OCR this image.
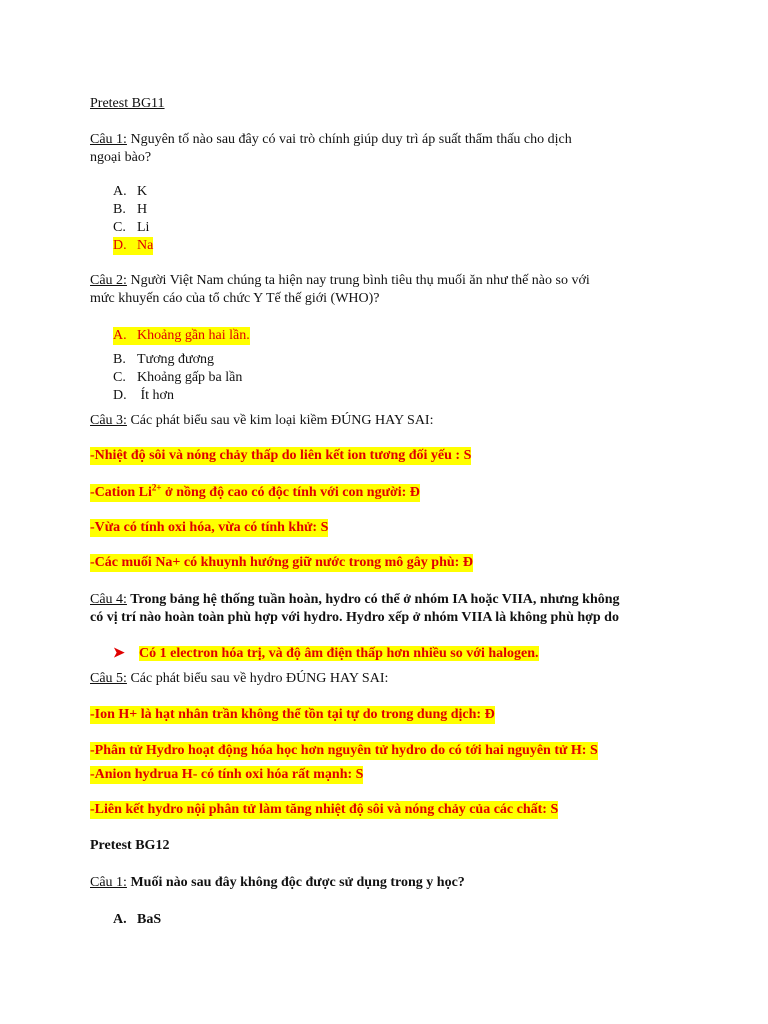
Pretest BG11
Câu 1: Nguyên tố nào sau đây có vai trò chính giúp duy trì áp suất thẩm thấu cho dịch
ngoại bào?
A. K
B. H
C. Li
D. Na
Câu 2: Người Việt Nam chúng ta hiện nay trung bình tiêu thụ muối ăn như thế nào so với
mức khuyến cáo của tổ chức Y Tế thế giới (WHO)?
A. Khoảng gần hai lần.
B. Tương đương
C. Khoảng gấp ba lần
D. Ít hơn
Câu 3: Các phát biểu sau về kim loại kiềm ĐÚNG HAY SAI:
-Nhiệt độ sôi và nóng chảy thấp do liên kết ion tương đối yếu : S
-Cation $Li^{2+}$ ở nồng độ cao có độc tính với con người: Đ
-Vừa có tính oxi hóa, vừa có tính khử: S
-Các muối Na+ có khuynh hướng giữ nước trong mô gây phù: Đ
Câu 4: Trong bảng hệ thống tuần hoàn, hydro có thể ở nhóm IA hoặc VIIA, nhưng không
có vị trí nào hoàn toàn phù hợp với hydro. Hydro xếp ở nhóm VIIA là không phù hợp do
➤ Có 1 electron hóa trị, và độ âm điện thấp hơn nhiều so với halogen.
Câu 5: Các phát biểu sau về hydro ĐÚNG HAY SAI:
-Ion H+ là hạt nhân trần không thể tồn tại tự do trong dung dịch: Đ
-Phân tử Hydro hoạt động hóa học hơn nguyên tử hydro do có tới hai nguyên tử H: S
-Anion hydrua H- có tính oxi hóa rất mạnh: S
-Liên kết hydro nội phân tử làm tăng nhiệt độ sôi và nóng chảy của các chất: S
Pretest BG12
Câu 1: Muối nào sau đây không độc được sử dụng trong y học?
A. BaS
